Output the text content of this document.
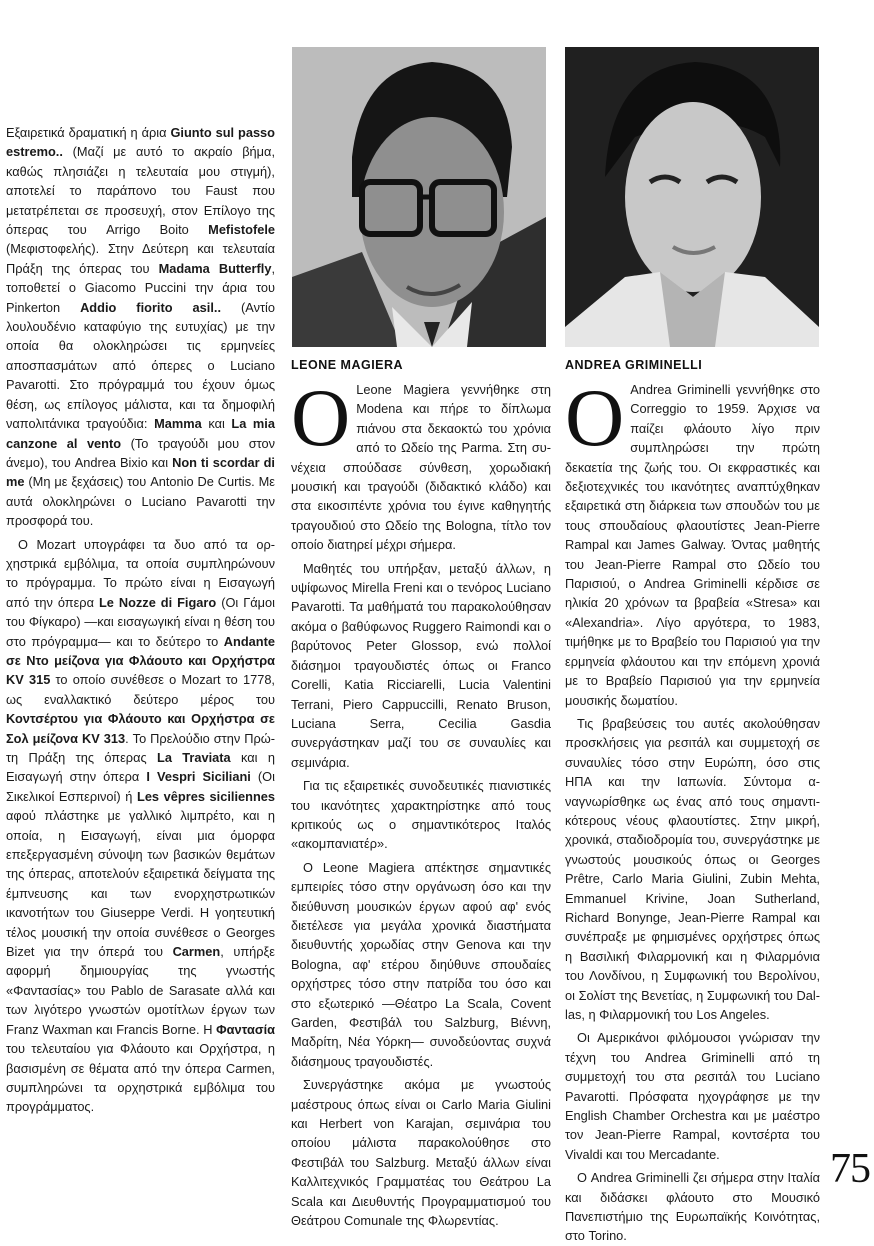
Εξαιρετικά δραματική η άρια Giunto sul passo estremo.. (Μαζί με αυτό το ακραίο βήμα, καθώς πλησιάζει η τελευταία μου στιγμή), αποτελεί το παράπονο του Faust που μετατρέπεται σε προσευχή, στον Επίλογο της όπερας του Arrigo Boito Mefistofele (Μεφιστοφελής). Στην Δεύτερη και τελευταία Πράξη της όπερας του Madama Butterfly, τοποθετεί ο Giacomo Puccini την άρια του Pinkerton Addio fiorito asil.. (Αντίο λουλουδένιο καταφύγιο της ευτυχίας) με την οποία θα ολοκληρώσει τις ερμηνείες αποσπασμάτων από όπερες ο Luciano Pavarotti. Στο πρόγραμμά του έχουν όμως θέση, ως επίλογος μάλιστα, και τα δημοφιλή ναπολιτάνικα τραγούδια: Mamma και La mia canzone al vento (Το τραγούδι μου στον άνεμο), του Andrea Bixio και Non ti scordar di me (Μη με ξεχάσεις) του Antonio De Curtis. Με αυτά ολοκληρώνει ο Luciano Pavarotti την προσφορά του.

Ο Mozart υπογράφει τα δυο από τα ορχηστρικά εμβόλιμα, τα οποία συμπληρώνουν το πρόγραμμα. Το πρώτο είναι η Εισαγωγή από την όπερα Le Nozze di Figaro (Οι Γάμοι του Φίγκαρο) —και εισαγωγική είναι η θέση του στο πρόγραμμα— και το δεύτερο το Andante σε Ντο μείζονα για Φλάουτο και Ορχήστρα KV 315 το οποίο συνέθεσε ο Mozart το 1778, ως εναλλακτικό δεύτερο μέρος του Κοντσέρτου για Φλάουτο και Ορχήστρα σε Σολ μείζονα KV 313. Το Πρελούδιο στην Πρώτη Πράξη της όπερας La Traviata και η Εισαγωγή στην όπερα I Vespri Siciliani (Οι Σικελικοί Εσπερινοί) ή Les vêpres siciliennes αφού πλάστηκε με γαλλικό λιμπρέτο, και η οποία, η Εισαγωγή, είναι μια όμορφα επεξεργασμένη σύνοψη των βασικών θεμάτων της όπερας, αποτελούν εξαιρετικά δείγματα της έμπνευσης και των ενορχηστρωτικών ικανοτήτων του Giuseppe Verdi. Η γοητευτική τέλος μουσική την οποία συνέθεσε ο Georges Bizet για την όπερά του Carmen, υπήρξε αφορμή δημιουργίας της γνωστής «Φαντασίας» του Pablo de Sarasate αλλά και των λιγότερο γνωστών ομοτίτλων έργων των Franz Waxman και Francis Borne. Η Φαντασία του τελευταίου για Φλάουτο και Ορχήστρα, η βασισμένη σε θέματα από την όπερα Carmen, συμπληρώνει τα ορχηστρικά εμβόλιμα του προγράμματος.

LEONE MAGIERA	ANDREA GRIMINELLI

O Leone Magiera γεννήθηκε στη Modena και πήρε το δίπλωμα πιάνου στα δεκαοκτώ του χρόνια από το Ωδείο της Parma. Στη συνέχεια σπούδασε σύνθεση, χορωδιακή μουσική και τραγούδι (διδακτικό κλάδο) και στα εικοσιπέντε χρόνια του έγινε καθηγητής τραγουδιού στο Ωδείο της Bologna, τίτλο τον οποίο διατηρεί μέχρι σήμερα.

Μαθητές του υπήρξαν, μεταξύ άλλων, η υψίφωνος Mirella Freni και ο τενόρος Luciano Pavarotti. Τα μαθήματά του παρακολούθησαν ακόμα ο βαθύφωνος Ruggero Raimondi και ο βαρύτονος Peter Glossop, ενώ πολλοί διάσημοι τραγουδιστές όπως οι Franco Corelli, Katia Ricciarelli, Lucia Valentini Terrani, Piero Cappuccilli, Renato Bruson, Luciana Serra, Cecilia Gasdia συνεργάστηκαν μαζί του σε συναυλίες και σεμινάρια.

Για τις εξαιρετικές συνοδευτικές πιανιστικές του ικανότητες χαρακτηρίστηκε από τους κριτικούς ως ο σημαντικότερος Ιταλός «ακομπανιατέρ».

Ο Leone Magiera απέκτησε σημαντικές εμπειρίες τόσο στην οργάνωση όσο και την διεύθυνση μουσικών έργων αφού αφ' ενός διετέλεσε για μεγάλα χρονικά διαστήματα διευθυντής χορωδίας στην Genova και την Bologna, αφ' ετέρου διηύθυνε σπουδαίες ορχήστρες τόσο στην πατρίδα του όσο και στο εξωτερικό —Θέατρο La Scala, Covent Garden, Φεστιβάλ του Salzburg, Βιέννη, Μαδρίτη, Νέα Υόρκη— συνοδεύοντας συχνά διάσημους τραγουδιστές.

Συνεργάστηκε ακόμα με γνωστούς μαέστρους όπως είναι οι Carlo Maria Giulini και Herbert von Karajan, σεμινάρια του οποίου μάλιστα παρακολούθησε στο Φεστιβάλ του Salzburg. Μεταξύ άλλων είναι Καλλιτεχνικός Γραμματέας του Θεάτρου La Scala και Διευθυντής Προγραμματισμού του Θεάτρου Comunale της Φλωρεντίας.

O Andrea Griminelli γεννήθηκε στο Correggio το 1959. Άρχισε να παίζει φλάουτο λίγο πριν συμπληρώσει την πρώτη δεκαετία της ζωής του. Οι εκφραστικές και δεξιοτεχνικές του ικανότητες αναπτύχθηκαν εξαιρετικά στη διάρκεια των σπουδών του με τους σπουδαίους φλαουτίστες Jean-Pierre Rampal και James Galway. Όντας μαθητής του Jean-Pierre Rampal στο Ωδείο του Παρισιού, ο Andrea Griminelli κέρδισε σε ηλικία 20 χρόνων τα βραβεία «Stresa» και «Alexandria». Λίγο αργότερα, το 1983, τιμήθηκε με το Βραβείο του Παρισιού για την ερμηνεία φλάουτου και την επόμενη χρονιά με το Βραβείο Παρισιού για την ερμηνεία μουσικής δωματίου.

Τις βραβεύσεις του αυτές ακολούθησαν προσκλήσεις για ρεσιτάλ και συμμετοχή σε συναυλίες τόσο στην Ευρώπη, όσο στις ΗΠΑ και την Ιαπωνία. Σύντομα αναγνωρίσθηκε ως ένας από τους σημαντικότερους νέους φλαουτίστες. Στην μικρή, χρονικά, σταδιοδρομία του, συνεργάστηκε με γνωστούς μουσικούς όπως οι Georges Prêtre, Carlo Maria Giulini, Zubin Mehta, Emmanuel Krivine, Joan Sutherland, Richard Bonynge, Jean-Pierre Rampal και συνέπραξε με φημισμένες ορχήστρες όπως η Βασιλική Φιλαρμονική και η Φιλαρμόνια του Λονδίνου, η Συμφωνική του Βερολίνου, οι Σολίστ της Βενετίας, η Συμφωνική του Dallas, η Φιλαρμονική του Los Angeles.

Οι Αμερικάνοι φιλόμουσοι γνώρισαν την τέχνη του Andrea Griminelli από τη συμμετοχή του στα ρεσιτάλ του Luciano Pavarotti. Πρόσφατα ηχογράφησε με την English Chamber Orchestra και με μαέστρο τον Jean-Pierre Rampal, κοντσέρτα του Vivaldi και του Mercadante.

Ο Andrea Griminelli ζει σήμερα στην Ιταλία και διδάσκει φλάουτο στο Μουσικό Πανεπιστήμιο της Ευρωπαϊκής Κοινότητας, στο Torino.

75
